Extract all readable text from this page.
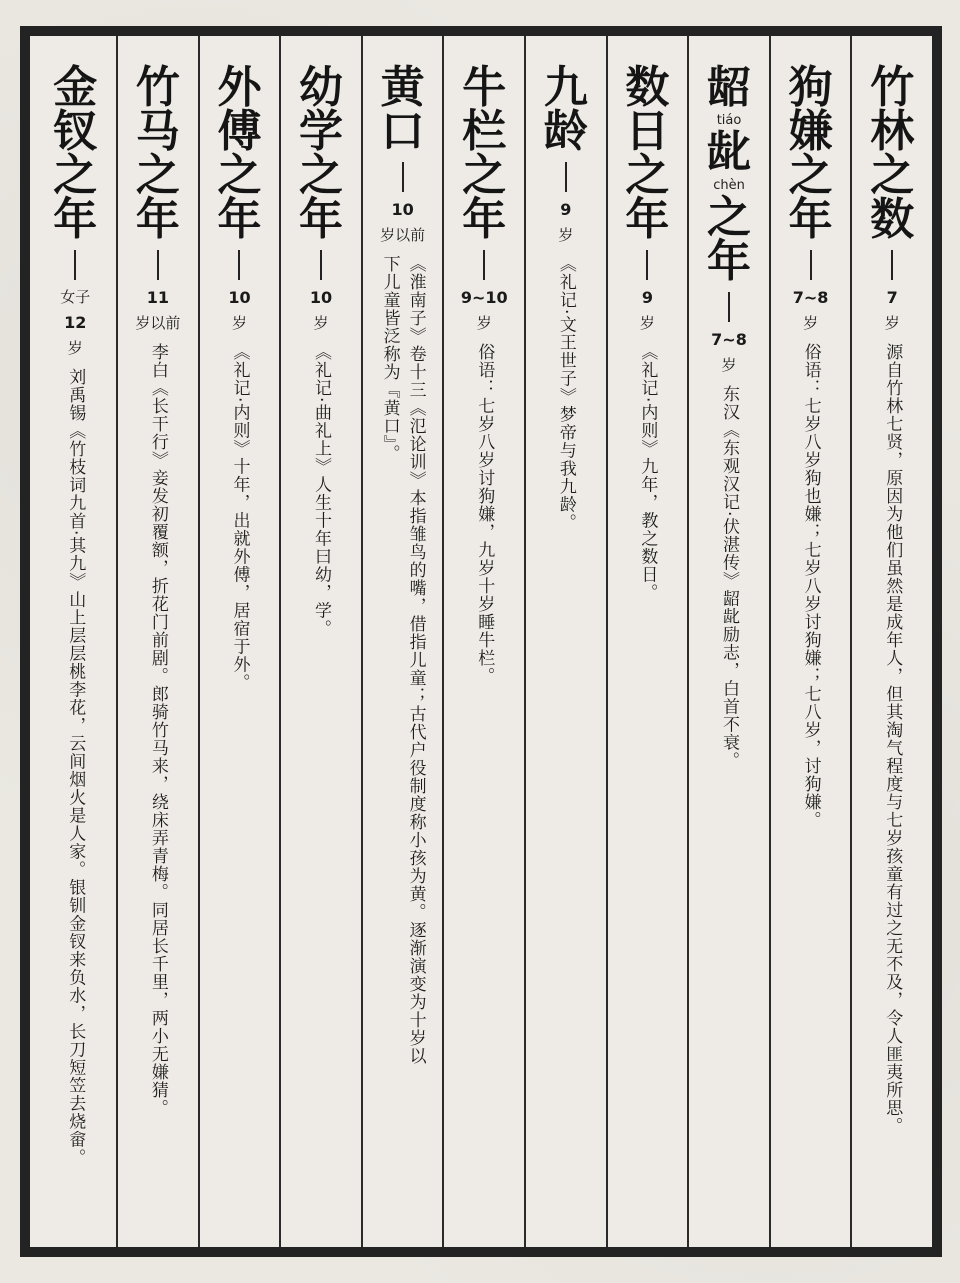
竹
林
之
数
7
岁
源自竹林七贤，原因为他们虽然是成年人，但其淘气程度与七岁孩童有过之无不及，令人匪夷所思。
狗
嫌
之
年
7~8
岁
俗语：七岁八岁狗也嫌；七岁八岁讨狗嫌；七八岁，讨狗嫌。
龆
tiáo
龀
chèn
之
年
7~8
岁
东汉《东观汉记·伏湛传》龆龀励志，白首不衰。
数
日
之
年
9
岁
《礼记·内则》九年，教之数日。
九
龄
9
岁
《礼记·文王世子》梦帝与我九龄。
牛
栏
之
年
9~10
岁
俗语：七岁八岁讨狗嫌，九岁十岁睡牛栏。
黄
口
10
岁以前
《淮南子》卷十三《氾论训》本指雏鸟的嘴，借指儿童；古代户役制度称小孩为黄。逐渐演变为十岁以下儿童皆泛称为『黄口』。
幼
学
之
年
10
岁
《礼记·曲礼上》人生十年曰幼，学。
外
傅
之
年
10
岁
《礼记·内则》十年，出就外傅，居宿于外。
竹
马
之
年
11
岁以前
李白《长干行》妾发初覆额，折花门前剧。郎骑竹马来，绕床弄青梅。同居长千里，两小无嫌猜。
金
钗
之
年
女子
12
岁
刘禹锡《竹枝词九首·其九》山上层层桃李花，云间烟火是人家。银钏金钗来负水，长刀短笠去烧畲。
